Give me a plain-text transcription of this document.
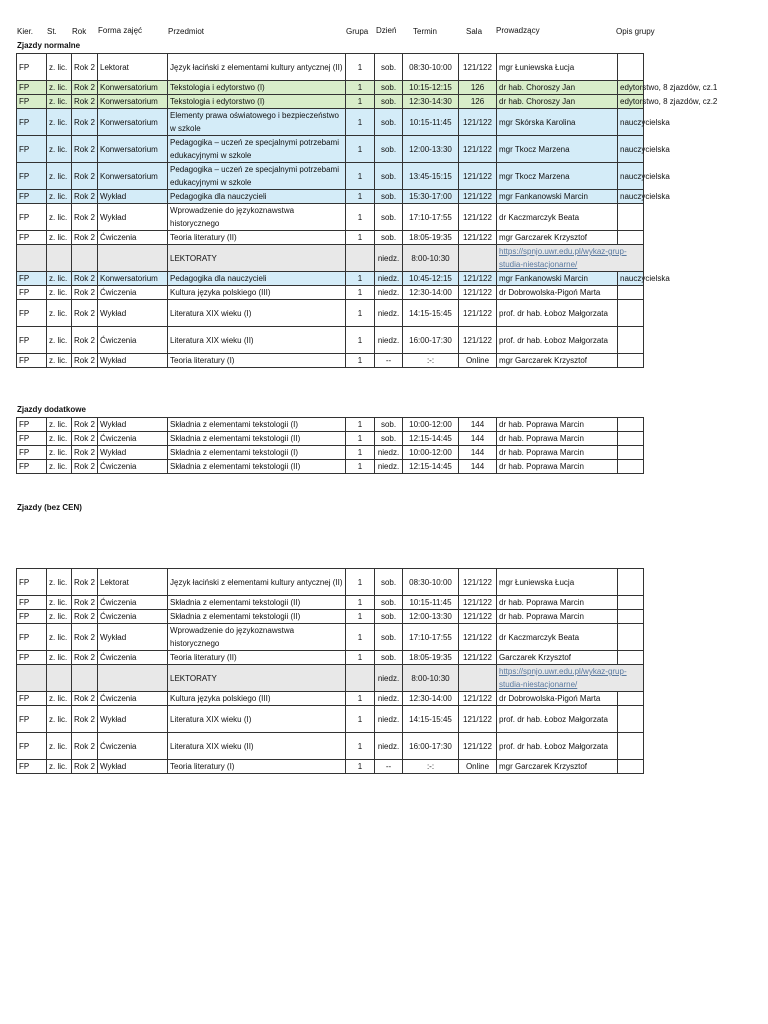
Kier. St. Rok Forma zajęć	Przedmiot	Grupa Dzień Termin	Sala Prowadzący	Opis grupy
Zjazdy normalne
FP	z. lic.	Rok 2	Lektorat	Język łaciński z elementami kultury antycznej (II)	1	sob.	08:30-10:00	121/122	mgr Łuniewska Łucja	
FP	z. lic.	Rok 2	Konwersatorium	Tekstologia i edytorstwo (I)	1	sob.	10:15-12:15	126	dr hab. Choroszy Jan	edytorstwo, 8 zjazdów, cz.1
FP	z. lic.	Rok 2	Konwersatorium	Tekstologia i edytorstwo (I)	1	sob.	12:30-14:30	126	dr hab. Choroszy Jan	edytorstwo, 8 zjazdów, cz.2
FP	z. lic.	Rok 2	Konwersatorium	Elementy prawa oświatowego i bezpieczeństwo w szkole	1	sob.	10:15-11:45	121/122	mgr Skórska Karolina	nauczycielska
FP	z. lic.	Rok 2	Konwersatorium	Pedagogika – uczeń ze specjalnymi potrzebami edukacyjnymi w szkole	1	sob.	12:00-13:30	121/122	mgr Tkocz Marzena	nauczycielska
FP	z. lic.	Rok 2	Konwersatorium	Pedagogika – uczeń ze specjalnymi potrzebami edukacyjnymi w szkole	1	sob.	13:45-15:15	121/122	mgr Tkocz Marzena	nauczycielska
FP	z. lic.	Rok 2	Wykład	Pedagogika dla nauczycieli	1	sob.	15:30-17:00	121/122	mgr Fankanowski Marcin	nauczycielska
FP	z. lic.	Rok 2	Wykład	Wprowadzenie do językoznawstwa historycznego	1	sob.	17:10-17:55	121/122	dr Kaczmarczyk Beata	
FP	z. lic.	Rok 2	Ćwiczenia	Teoria literatury (II)	1	sob.	18:05-19:35	121/122	mgr Garczarek Krzysztof	
				LEKTORATY		niedz.	8:00-10:30		https://spnjo.uwr.edu.pl/wykaz-grup-studia-niestacjonarne/	
FP	z. lic.	Rok 2	Konwersatorium	Pedagogika dla nauczycieli	1	niedz.	10:45-12:15	121/122	mgr Fankanowski Marcin	nauczycielska
FP	z. lic.	Rok 2	Ćwiczenia	Kultura języka polskiego (III)	1	niedz.	12:30-14:00	121/122	dr Dobrowolska-Pigoń Marta	
FP	z. lic.	Rok 2	Wykład	Literatura XIX wieku (I)	1	niedz.	14:15-15:45	121/122	prof. dr hab. Łoboz Małgorzata	
FP	z. lic.	Rok 2	Ćwiczenia	Literatura XIX wieku (II)	1	niedz.	16:00-17:30	121/122	prof. dr hab. Łoboz Małgorzata	
FP	z. lic.	Rok 2	Wykład	Teoria literatury (I)	1	--	:-:	Online	mgr Garczarek Krzysztof	
Zjazdy dodatkowe
FP	z. lic.	Rok 2	Wykład	Składnia z elementami tekstologii (I)	1	sob.	10:00-12:00	144	dr hab. Poprawa Marcin	
FP	z. lic.	Rok 2	Ćwiczenia	Składnia z elementami tekstologii (II)	1	sob.	12:15-14:45	144	dr hab. Poprawa Marcin	
FP	z. lic.	Rok 2	Wykład	Składnia z elementami tekstologii (I)	1	niedz.	10:00-12:00	144	dr hab. Poprawa Marcin	
FP	z. lic.	Rok 2	Ćwiczenia	Składnia z elementami tekstologii (II)	1	niedz.	12:15-14:45	144	dr hab. Poprawa Marcin	
Zjazdy (bez CEN)
FP	z. lic.	Rok 2	Lektorat	Język łaciński z elementami kultury antycznej (II)	1	sob.	08:30-10:00	121/122	mgr Łuniewska Łucja	
FP	z. lic.	Rok 2	Ćwiczenia	Składnia z elementami tekstologii (II)	1	sob.	10:15-11:45	121/122	dr hab. Poprawa Marcin	
FP	z. lic.	Rok 2	Ćwiczenia	Składnia z elementami tekstologii (II)	1	sob.	12:00-13:30	121/122	dr hab. Poprawa Marcin	
FP	z. lic.	Rok 2	Wykład	Wprowadzenie do językoznawstwa historycznego	1	sob.	17:10-17:55	121/122	dr Kaczmarczyk Beata	
FP	z. lic.	Rok 2	Ćwiczenia	Teoria literatury (II)	1	sob.	18:05-19:35	121/122	Garczarek Krzysztof	
				LEKTORATY		niedz.	8:00-10:30		https://spnjo.uwr.edu.pl/wykaz-grup-studia-niestacjonarne/	
FP	z. lic.	Rok 2	Ćwiczenia	Kultura języka polskiego (III)	1	niedz.	12:30-14:00	121/122	dr Dobrowolska-Pigoń Marta	
FP	z. lic.	Rok 2	Wykład	Literatura XIX wieku (I)	1	niedz.	14:15-15:45	121/122	prof. dr hab. Łoboz Małgorzata	
FP	z. lic.	Rok 2	Ćwiczenia	Literatura XIX wieku (II)	1	niedz.	16:00-17:30	121/122	prof. dr hab. Łoboz Małgorzata	
FP	z. lic.	Rok 2	Wykład	Teoria literatury (I)	1	--	:-:	Online	mgr Garczarek Krzysztof	
